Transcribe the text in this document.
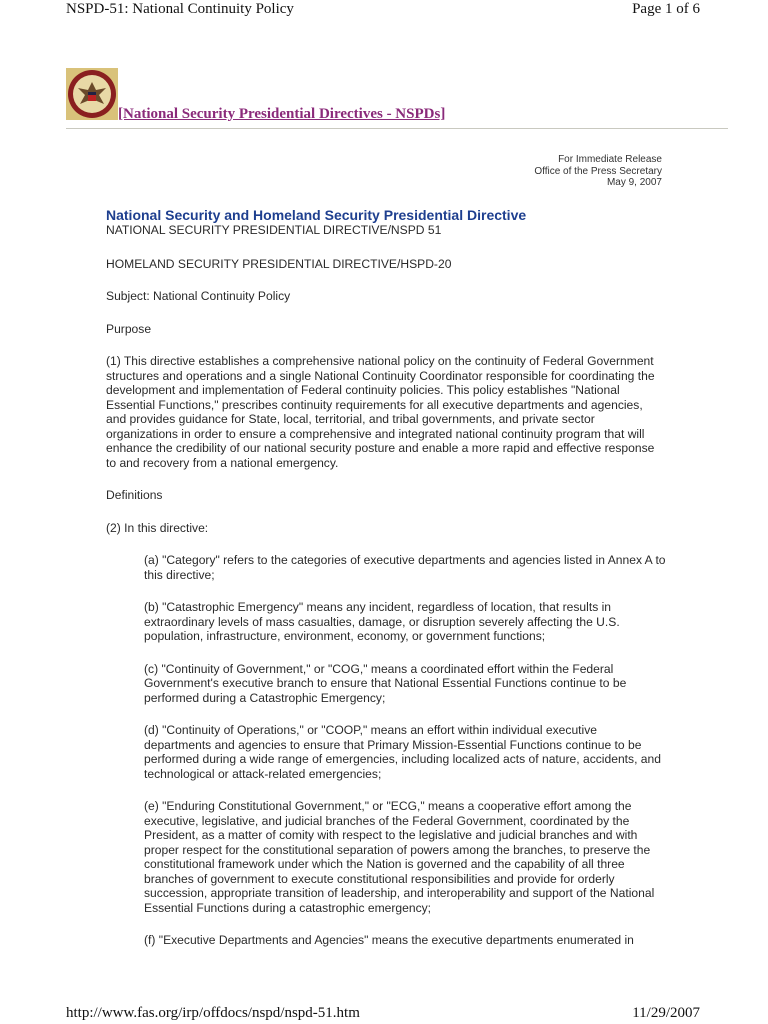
NSPD-51: National Continuity Policy	Page 1 of 6
[National Security Presidential Directives - NSPDs]
For Immediate Release
Office of the Press Secretary
May 9, 2007
National Security and Homeland Security Presidential Directive

NATIONAL SECURITY PRESIDENTIAL DIRECTIVE/NSPD 51

HOMELAND SECURITY PRESIDENTIAL DIRECTIVE/HSPD-20

Subject: National Continuity Policy

Purpose

(1) This directive establishes a comprehensive national policy on the continuity of Federal Government structures and operations and a single National Continuity Coordinator responsible for coordinating the development and implementation of Federal continuity policies. This policy establishes "National Essential Functions," prescribes continuity requirements for all executive departments and agencies, and provides guidance for State, local, territorial, and tribal governments, and private sector organizations in order to ensure a comprehensive and integrated national continuity program that will enhance the credibility of our national security posture and enable a more rapid and effective response to and recovery from a national emergency.

Definitions

(2) In this directive:

(a) "Category" refers to the categories of executive departments and agencies listed in Annex A to this directive;

(b) "Catastrophic Emergency" means any incident, regardless of location, that results in extraordinary levels of mass casualties, damage, or disruption severely affecting the U.S. population, infrastructure, environment, economy, or government functions;

(c) "Continuity of Government," or "COG," means a coordinated effort within the Federal Government's executive branch to ensure that National Essential Functions continue to be performed during a Catastrophic Emergency;

(d) "Continuity of Operations," or "COOP," means an effort within individual executive departments and agencies to ensure that Primary Mission-Essential Functions continue to be performed during a wide range of emergencies, including localized acts of nature, accidents, and technological or attack-related emergencies;

(e) "Enduring Constitutional Government," or "ECG," means a cooperative effort among the executive, legislative, and judicial branches of the Federal Government, coordinated by the President, as a matter of comity with respect to the legislative and judicial branches and with proper respect for the constitutional separation of powers among the branches, to preserve the constitutional framework under which the Nation is governed and the capability of all three branches of government to execute constitutional responsibilities and provide for orderly succession, appropriate transition of leadership, and interoperability and support of the National Essential Functions during a catastrophic emergency;

(f) "Executive Departments and Agencies" means the executive departments enumerated in

http://www.fas.org/irp/offdocs/nspd/nspd-51.htm	11/29/2007
